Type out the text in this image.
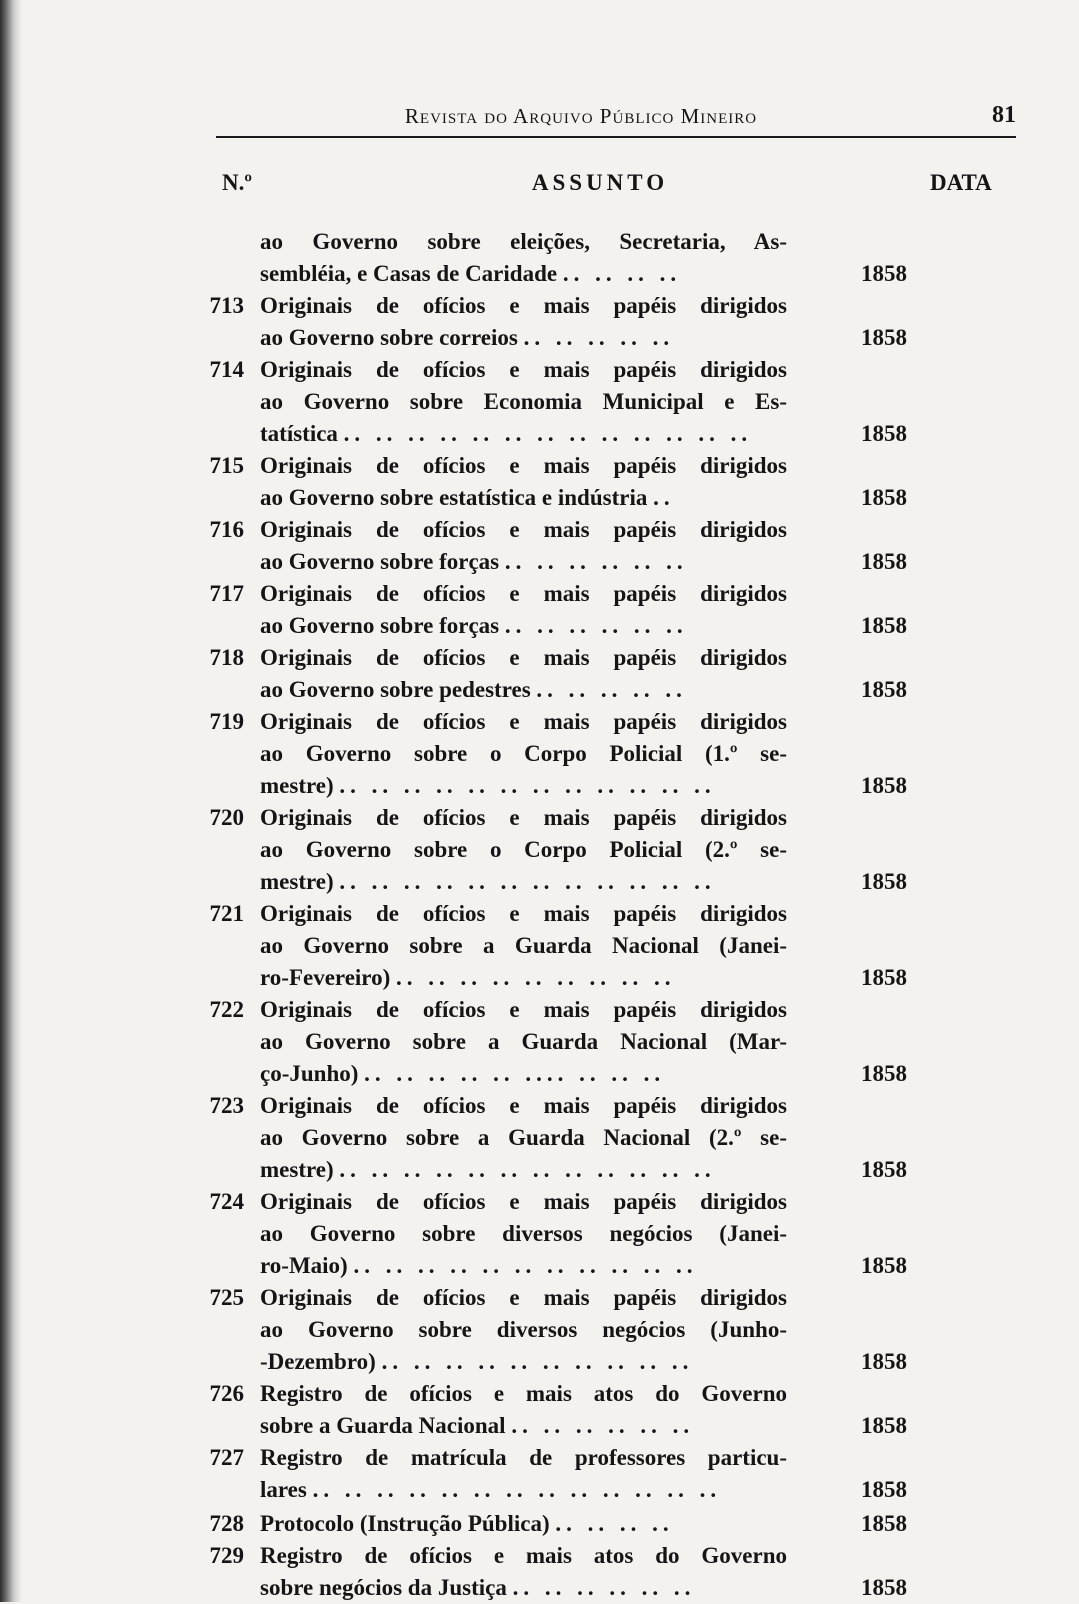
Revista do Arquivo Público Mineiro	81
N.º	ASSUNTO	DATA
ao Governo sobre eleições, Secretaria, As-
sembléia, e Casas de Caridade .. .. .. ..	1858
713 Originais de ofícios e mais papéis dirigidos
ao Governo sobre correios .. .. .. .. ..	1858
714 Originais de ofícios e mais papéis dirigidos
ao Governo sobre Economia Municipal e Es-
tatística .. .. .. .. .. .. .. .. .. .. .. .. ..	1858
715 Originais de ofícios e mais papéis dirigidos
ao Governo sobre estatística e indústria ..	1858
716 Originais de ofícios e mais papéis dirigidos
ao Governo sobre forças .. .. .. .. .. ..	1858
717 Originais de ofícios e mais papéis dirigidos
ao Governo sobre forças .. .. .. .. .. ..	1858
718 Originais de ofícios e mais papéis dirigidos
ao Governo sobre pedestres .. .. .. .. ..	1858
719 Originais de ofícios e mais papéis dirigidos
ao Governo sobre o Corpo Policial (1.º se-
mestre) .. .. .. .. .. .. .. .. .. .. .. ..	1858
720 Originais de ofícios e mais papéis dirigidos
ao Governo sobre o Corpo Policial (2.º se-
mestre) .. .. .. .. .. .. .. .. .. .. .. ..	1858
721 Originais de ofícios e mais papéis dirigidos
ao Governo sobre a Guarda Nacional (Janei-
ro-Fevereiro) .. .. .. .. .. .. .. .. ..	1858
722 Originais de ofícios e mais papéis dirigidos
ao Governo sobre a Guarda Nacional (Mar-
ço-Junho) .. .. .. .. .. .... .. .. ..	1858
723 Originais de ofícios e mais papéis dirigidos
ao Governo sobre a Guarda Nacional (2.º se-
mestre) .. .. .. .. .. .. .. .. .. .. .. ..	1858
724 Originais de ofícios e mais papéis dirigidos
ao Governo sobre diversos negócios (Janei-
ro-Maio) .. .. .. .. .. .. .. .. .. .. ..	1858
725 Originais de ofícios e mais papéis dirigidos
ao Governo sobre diversos negócios (Junho-
-Dezembro) .. .. .. .. .. .. .. .. .. ..	1858
726 Registro de ofícios e mais atos do Governo
sobre a Guarda Nacional .. .. .. .. .. ..	1858
727 Registro de matrícula de professores particu-
lares .. .. .. .. .. .. .. .. .. .. .. .. ..	1858
728 Protocolo (Instrução Pública) .. .. .. ..	1858
729 Registro de ofícios e mais atos do Governo
sobre negócios da Justiça .. .. .. .. .. ..	1858
